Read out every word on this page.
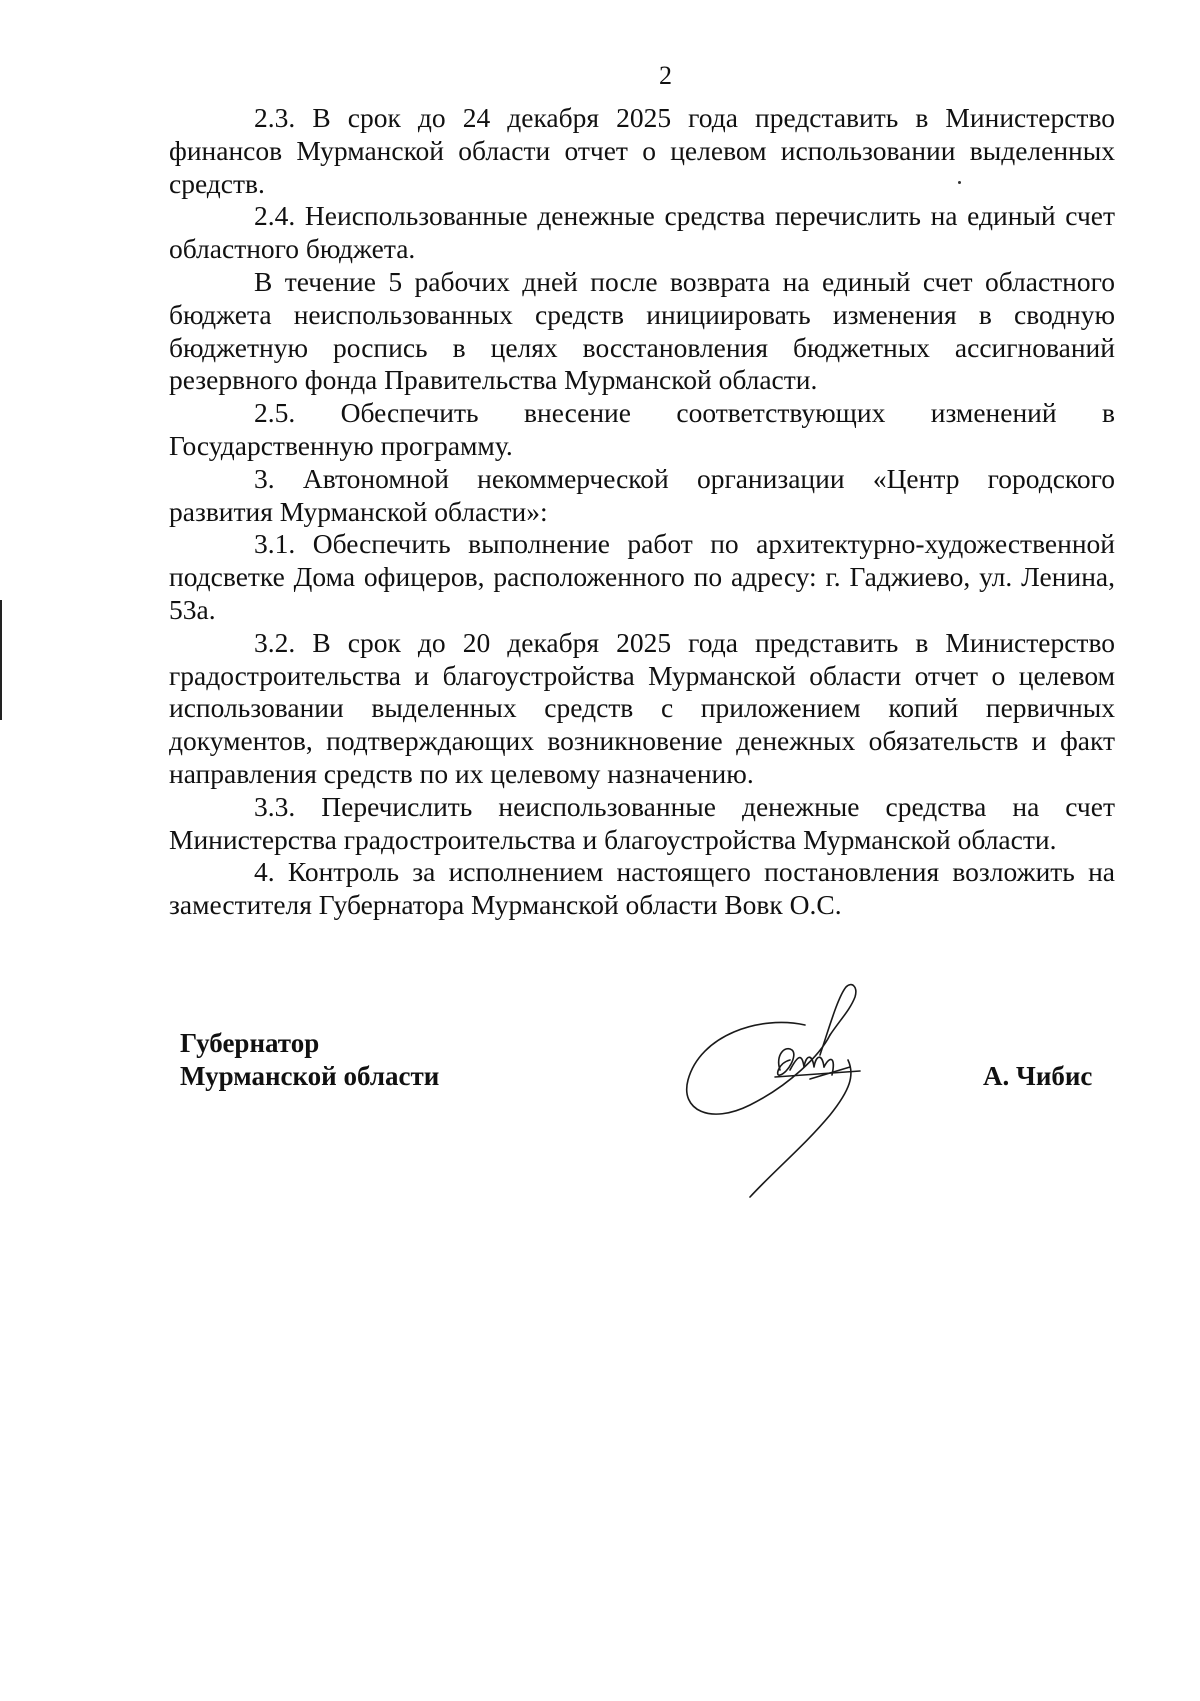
2

2.3. В срок до 24 декабря 2025 года представить в Министерство финансов Мурманской области отчет о целевом использовании выделенных средств.

2.4. Неиспользованные денежные средства перечислить на единый счет областного бюджета.

В течение 5 рабочих дней после возврата на единый счет областного бюджета неиспользованных средств инициировать изменения в сводную бюджетную роспись в целях восстановления бюджетных ассигнований резервного фонда Правительства Мурманской области.

2.5. Обеспечить внесение соответствующих изменений в Государственную программу.

3. Автономной некоммерческой организации «Центр городского развития Мурманской области»:

3.1. Обеспечить выполнение работ по архитектурно-художественной подсветке Дома офицеров, расположенного по адресу: г. Гаджиево, ул. Ленина, 53а.

3.2. В срок до 20 декабря 2025 года представить в Министерство градостроительства и благоустройства Мурманской области отчет о целевом использовании выделенных средств с приложением копий первичных документов, подтверждающих возникновение денежных обязательств и факт направления средств по их целевому назначению.

3.3. Перечислить неиспользованные денежные средства на счет Министерства градостроительства и благоустройства Мурманской области.

4. Контроль за исполнением настоящего постановления возложить на заместителя Губернатора Мурманской области Вовк О.С.

Губернатор
Мурманской области	А. Чибис
